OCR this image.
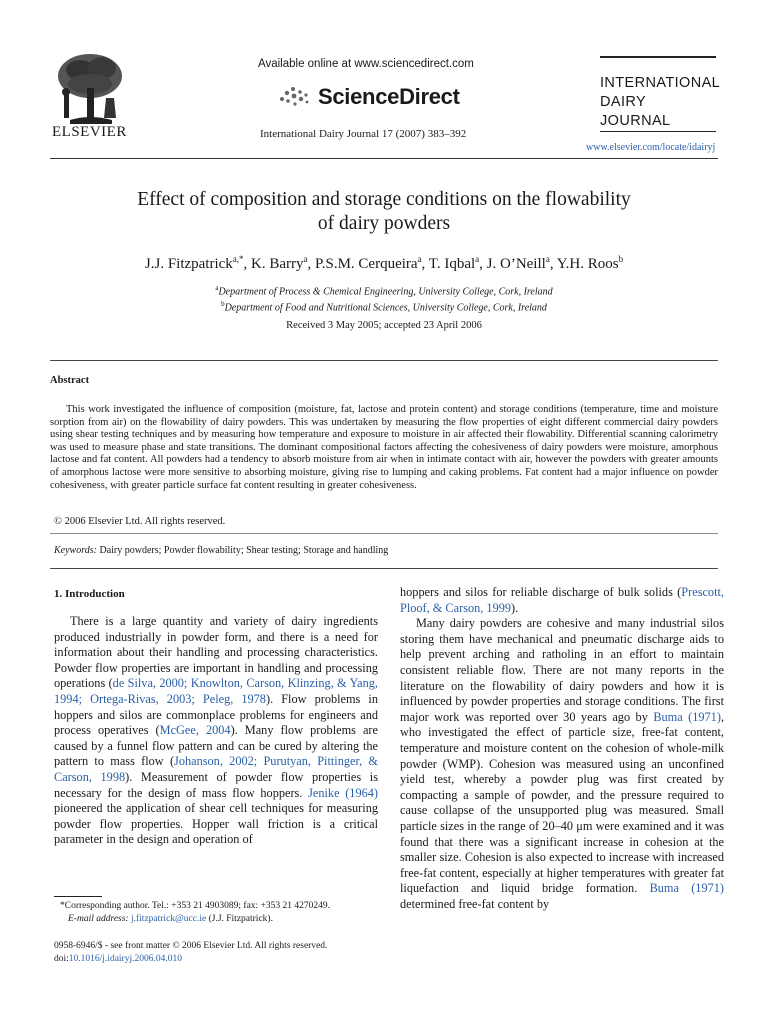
ELSEVIER
Available online at www.sciencedirect.com
ScienceDirect
International Dairy Journal 17 (2007) 383–392
INTERNATIONAL
DAIRY
JOURNAL
www.elsevier.com/locate/idairyj
Effect of composition and storage conditions on the flowability
of dairy powders
J.J. Fitzpatrick$^{a,*}$, K. Barry$^a$, P.S.M. Cerqueira$^a$, T. Iqbal$^a$, J. O’Neill$^a$, Y.H. Roos$^b$
$^a$Department of Process & Chemical Engineering, University College, Cork, Ireland
$^b$Department of Food and Nutritional Sciences, University College, Cork, Ireland
Received 3 May 2005; accepted 23 April 2006
Abstract
This work investigated the influence of composition (moisture, fat, lactose and protein content) and storage conditions (temperature, time and moisture sorption from air) on the flowability of dairy powders. This was undertaken by measuring the flow properties of eight different commercial dairy powders using shear testing techniques and by measuring how temperature and exposure to moisture in air affected their flowability. Differential scanning calorimetry was used to measure phase and state transitions. The dominant compositional factors affecting the cohesiveness of dairy powders were moisture, amorphous lactose and fat content. All powders had a tendency to absorb moisture from air when in intimate contact with air, however the powders with greater amounts of amorphous lactose were more sensitive to absorbing moisture, giving rise to lumping and caking problems. Fat content had a major influence on powder cohesiveness, with greater particle surface fat content resulting in greater cohesiveness.
© 2006 Elsevier Ltd. All rights reserved.
Keywords: Dairy powders; Powder flowability; Shear testing; Storage and handling
1. Introduction
There is a large quantity and variety of dairy ingredients produced industrially in powder form, and there is a need for information about their handling and processing characteristics. Powder flow properties are important in handling and processing operations (de Silva, 2000; Knowlton, Carson, Klinzing, & Yang, 1994; Ortega-Rivas, 2003; Peleg, 1978). Flow problems in hoppers and silos are commonplace problems for engineers and process operatives (McGee, 2004). Many flow problems are caused by a funnel flow pattern and can be cured by altering the pattern to mass flow (Johanson, 2002; Purutyan, Pittinger, & Carson, 1998). Measurement of powder flow properties is necessary for the design of mass flow hoppers. Jenike (1964) pioneered the application of shear cell techniques for measuring powder flow properties. Hopper wall friction is a critical parameter in the design and operation of
hoppers and silos for reliable discharge of bulk solids (Prescott, Ploof, & Carson, 1999).
Many dairy powders are cohesive and many industrial silos storing them have mechanical and pneumatic discharge aids to help prevent arching and ratholing in an effort to maintain consistent reliable flow. There are not many reports in the literature on the flowability of dairy powders and how it is influenced by powder properties and storage conditions. The first major work was reported over 30 years ago by Buma (1971), who investigated the effect of particle size, free-fat content, temperature and moisture content on the cohesion of whole-milk powder (WMP). Cohesion was measured using an unconfined yield test, whereby a powder plug was first created by compacting a sample of powder, and the pressure required to cause collapse of the unsupported plug was measured. Small particle sizes in the range of 20–40 μm were examined and it was found that there was a significant increase in cohesion at the smaller size. Cohesion is also expected to increase with increased free-fat content, especially at higher temperatures with greater fat liquefaction and liquid bridge formation. Buma (1971) determined free-fat content by
*Corresponding author. Tel.: +353 21 4903089; fax: +353 21 4270249.
E-mail address: j.fitzpatrick@ucc.ie (J.J. Fitzpatrick).
0958-6946/$ - see front matter © 2006 Elsevier Ltd. All rights reserved.
doi:10.1016/j.idairyj.2006.04.010
